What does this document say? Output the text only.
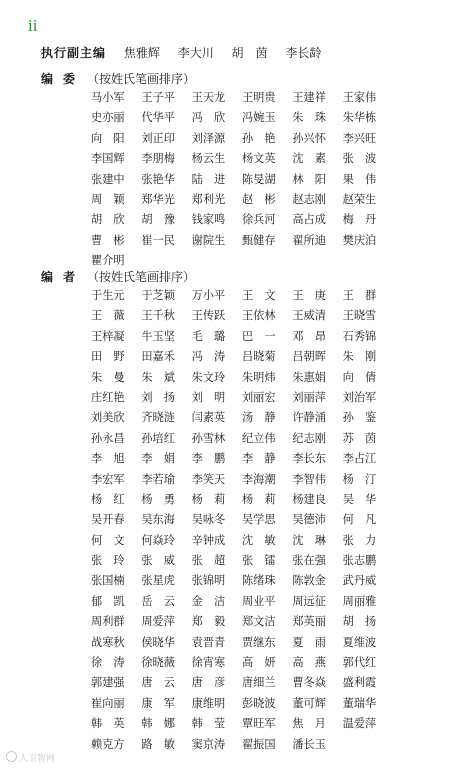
ii
执行副主编 焦雅辉 李大川 胡　茵 李长龄
编委 （按姓氏笔画排序）
马小军	王子平	王天龙	王明贵	王建祥	王家伟
史亦丽	代华平	冯　欣	冯婉玉	朱　珠	朱华栋
向　阳	刘正印	刘泽源	孙　艳	孙兴怀	李兴旺
李国辉	李朋梅	杨云生	杨文英	沈　素	张　波
张建中	张艳华	陆　进	陈旻湖	林　阳	果　伟
周　颖	郑华光	郑利光	赵　彬	赵志刚	赵荣生
胡　欣	胡　豫	钱家鸣	徐兵河	高占成	梅　丹
曹　彬	崔一民	谢院生	甄健存	翟所迪	樊庆泊
瞿介明
编者 （按姓氏笔画排序）
于生元	于芝颖	万小平	王　文	王　庚	王　群
王　薇	王千秋	王传跃	王依林	王威清	王晓雪
王梓凝	牛玉坚	毛　璐	巴　一	邓　昂	石秀锦
田　野	田嘉禾	冯　涛	吕晓菊	吕朝晖	朱　刚
朱　曼	朱　斌	朱文玲	朱明炜	朱惠娟	向　倩
庄红艳	刘　扬	刘　明	刘丽宏	刘丽萍	刘治军
刘美欣	齐晓涟	闫素英	汤　静	许静涌	孙　鉴
孙永昌	孙培红	孙雪林	纪立伟	纪志刚	苏　茵
李　旭	李　娟	李　鹏	李　静	李长东	李占江
李宏军	李若瑜	李笑天	李海潮	李智伟	杨　汀
杨　红	杨　勇	杨　莉	杨　莉	杨建良	吴　华
吴开春	吴东海	吴咏冬	吴学思	吴德沛	何　凡
何　文	何焱玲	辛钟成	沈　敏	沈　琳	张　力
张　玲	张　威	张　超	张　镭	张在强	张志鹏
张国楠	张星虎	张锦明	陈绪珠	陈敦金	武丹威
郁　凯	岳　云	金　洁	周业平	周远征	周丽雅
周利群	周爱萍	郑　毅	郑文洁	郑英丽	胡　扬
战寒秋	侯晓华	袁晋青	贾继东	夏　雨	夏维波
徐　涛	徐晓薇	徐宵寒	高　妍	高　燕	郭代红
郭建强	唐　云	唐　彦	唐细兰	曹冬焱	盛利霞
崔向丽	康　军	康维明	彭晓波	董可辉	董瑞华
韩　英	韩　娜	韩　莹	覃旺军	焦　月	温爱萍
赖克方	路　敏	窦京涛	翟振国	潘长玉
人卫智网
